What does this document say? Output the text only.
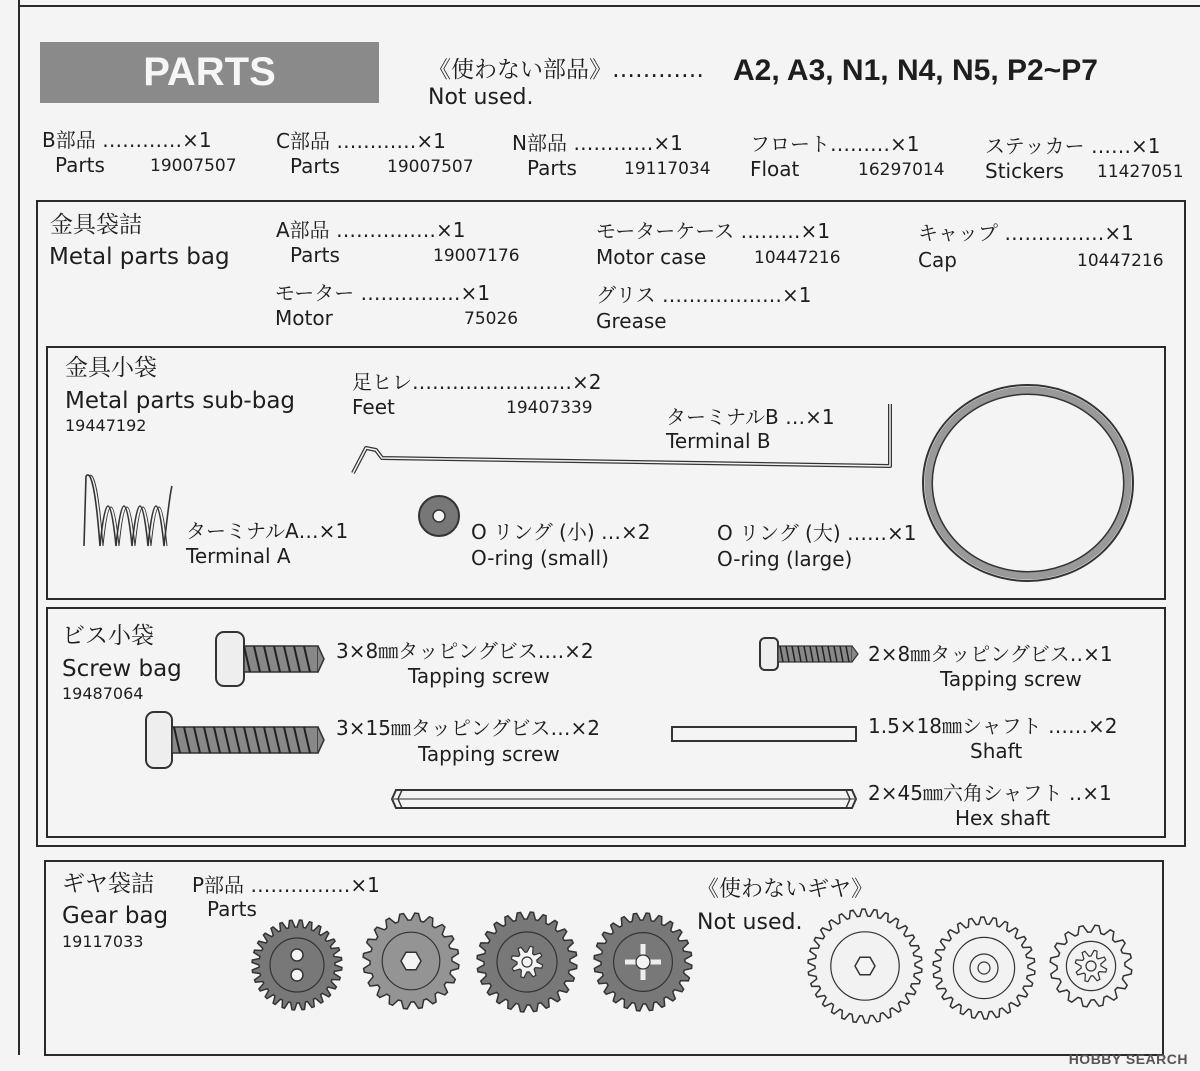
PARTS	《使わない部品》………… A2, A3, N1, N4, N5, P2~P7
Not used.
B部品 …………×1
Parts	19007507
C部品 …………×1
Parts	19007507
N部品 …………×1
Parts	19117034
フロート………×1
Float	16297014
ステッカー ……×1
Stickers 11427051
金具袋詰
Metal parts bag
A部品 ……………×1
Parts	19007176
モーターケース ………×1
Motor case	10447216
キャップ ……………×1
Cap	10447216
モーター ……………×1
Motor	75026
グリス ………………×1
Grease
金具小袋
Metal parts sub-bag
19447192
足ヒレ……………………×2
Feet	19407339	ターミナルB …×1
Terminal B
ターミナルA…×1
Terminal A
O リング (小) …×2
O-ring (small)
O リング (大) ……×1
O-ring (large)
ビス小袋
Screw bag
19487064
3×8㎜タッピングビス….×2
Tapping screw
2×8㎜タッピングビス‥×1
Tapping screw
3×15㎜タッピングビス…×2
Tapping screw
1.5×18㎜シャフト ……×2
Shaft
2×45㎜六角シャフト ‥×1
Hex shaft
ギヤ袋詰
Gear bag
19117033
P部品 ……………×1
Parts
《使わないギヤ》
Not used.
HOBBY SEARCH
